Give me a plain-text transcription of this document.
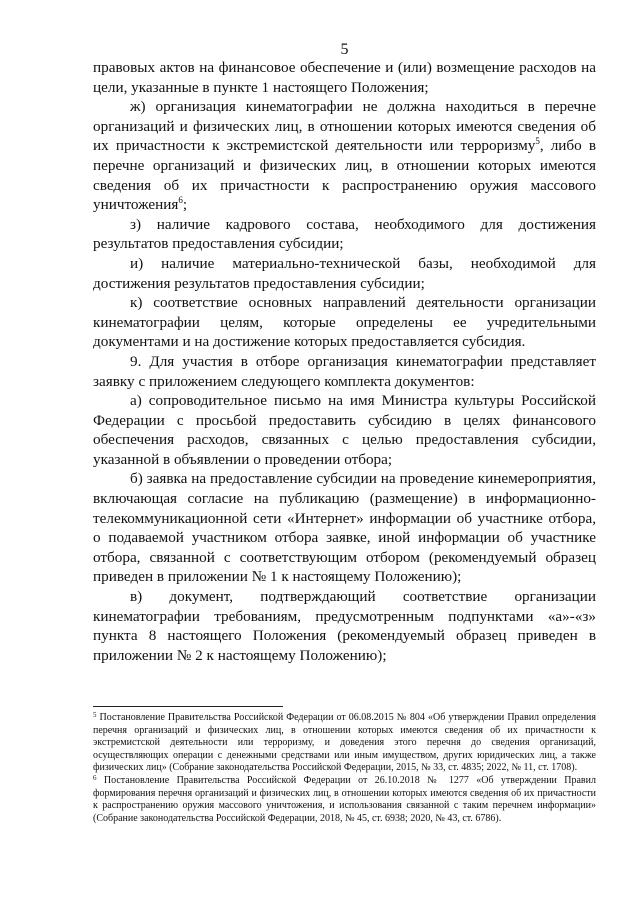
5

правовых актов на финансовое обеспечение и (или) возмещение расходов на цели, указанные в пункте 1 настоящего Положения;

ж) организация кинематографии не должна находиться в перечне организаций и физических лиц, в отношении которых имеются сведения об их причастности к экстремистской деятельности или терроризму$^5$, либо в перечне организаций и физических лиц, в отношении которых имеются сведения об их причастности к распространению оружия массового уничтожения$^6$;

з) наличие кадрового состава, необходимого для достижения результатов предоставления субсидии;

и) наличие материально-технической базы, необходимой для достижения результатов предоставления субсидии;

к) соответствие основных направлений деятельности организации кинематографии целям, которые определены ее учредительными документами и на достижение которых предоставляется субсидия.

9. Для участия в отборе организация кинематографии представляет заявку с приложением следующего комплекта документов:

а) сопроводительное письмо на имя Министра культуры Российской Федерации с просьбой предоставить субсидию в целях финансового обеспечения расходов, связанных с целью предоставления субсидии, указанной в объявлении о проведении отбора;

б) заявка на предоставление субсидии на проведение кинемероприятия, включающая согласие на публикацию (размещение) в информационно-телекоммуникационной сети «Интернет» информации об участнике отбора, о подаваемой участником отбора заявке, иной информации об участнике отбора, связанной с соответствующим отбором (рекомендуемый образец приведен в приложении № 1 к настоящему Положению);

в) документ, подтверждающий соответствие организации кинематографии требованиям, предусмотренным подпунктами «а»-«з» пункта 8 настоящего Положения (рекомендуемый образец приведен в приложении № 2 к настоящему Положению);

$^5$ Постановление Правительства Российской Федерации от 06.08.2015 № 804 «Об утверждении Правил определения перечня организаций и физических лиц, в отношении которых имеются сведения об их причастности к экстремистской деятельности или терроризму, и доведения этого перечня до сведения организаций, осуществляющих операции с денежными средствами или иным имуществом, других юридических лиц, а также физических лиц» (Собрание законодательства Российской Федерации, 2015, № 33, ст. 4835; 2022, № 11, ст. 1708).

$^6$ Постановление Правительства Российской Федерации от 26.10.2018 № 1277 «Об утверждении Правил формирования перечня организаций и физических лиц, в отношении которых имеются сведения об их причастности к распространению оружия массового уничтожения, и использования связанной с таким перечнем информации» (Собрание законодательства Российской Федерации, 2018, № 45, ст. 6938; 2020, № 43, ст. 6786).
